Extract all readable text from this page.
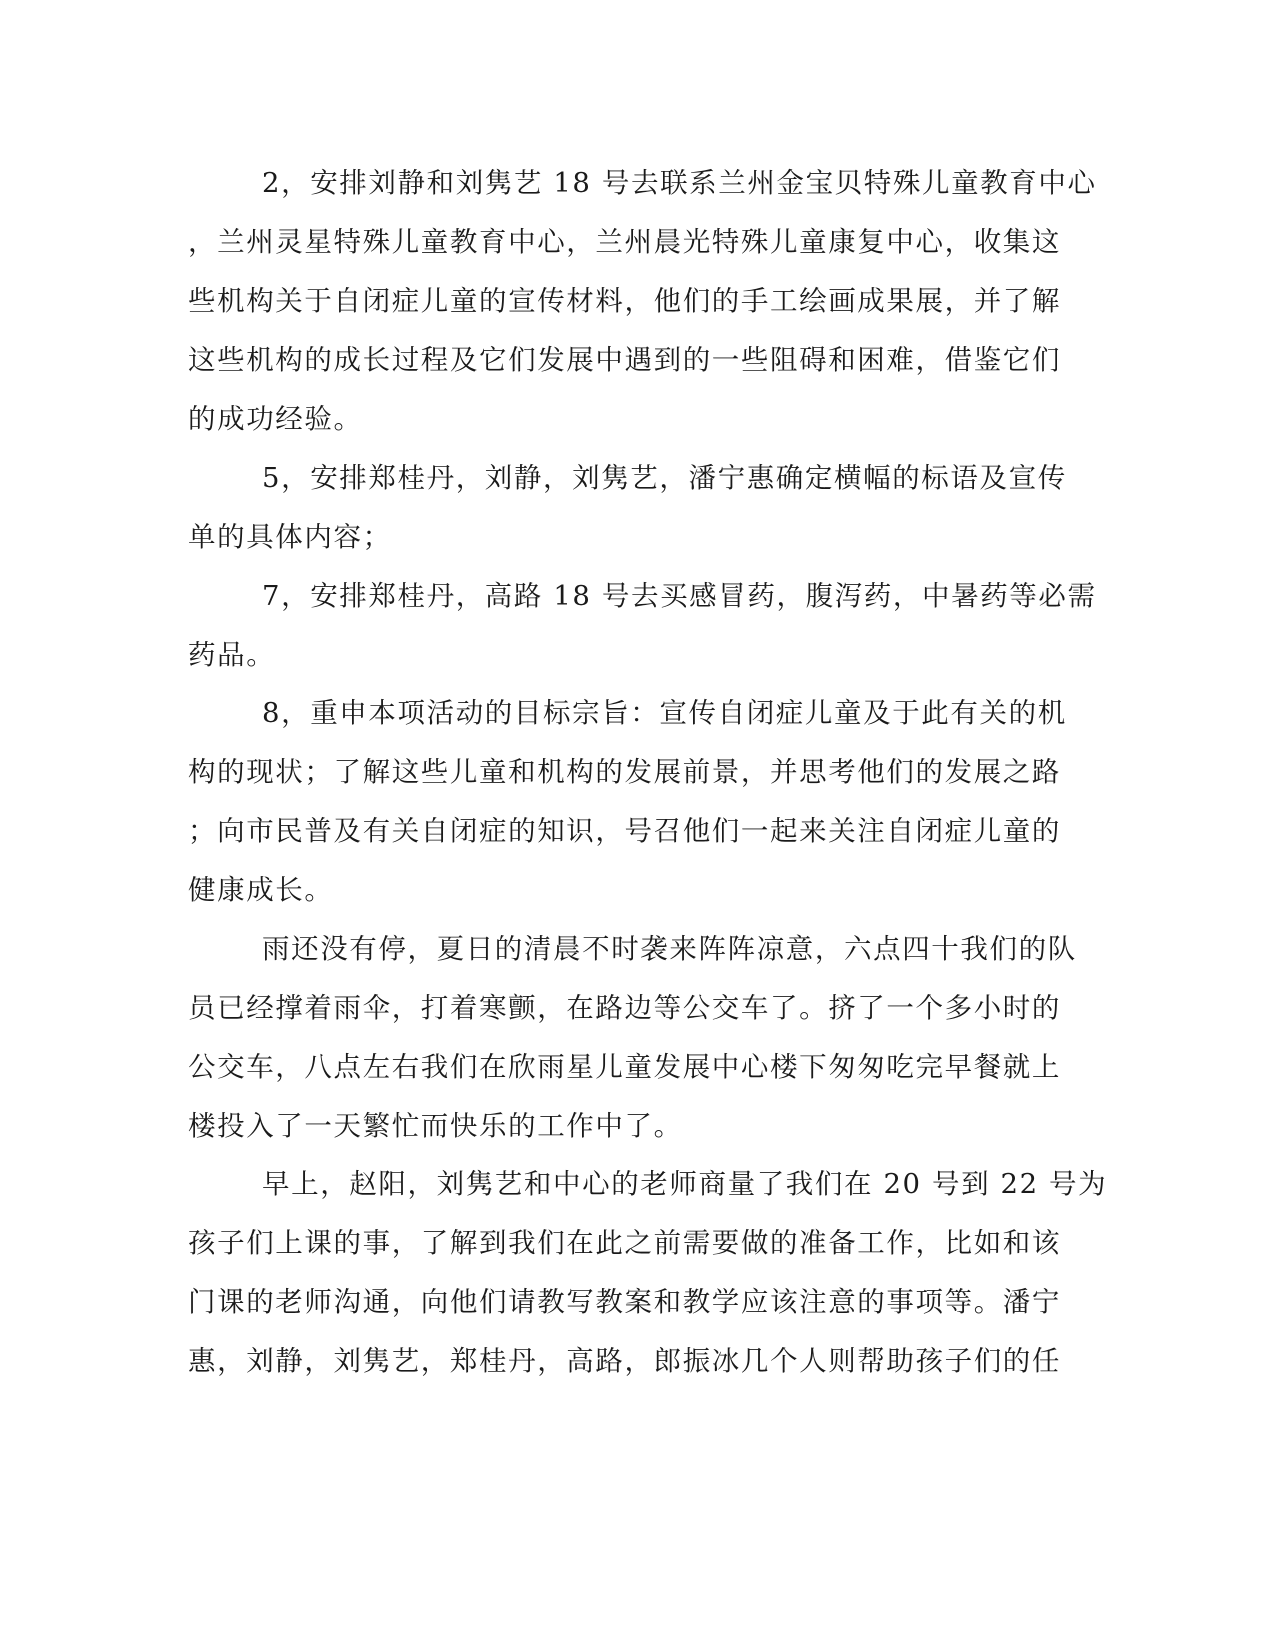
2，安排刘静和刘隽艺 18 号去联系兰州金宝贝特殊儿童教育中心
，兰州灵星特殊儿童教育中心，兰州晨光特殊儿童康复中心，收集这
些机构关于自闭症儿童的宣传材料，他们的手工绘画成果展，并了解
这些机构的成长过程及它们发展中遇到的一些阻碍和困难，借鉴它们
的成功经验。
5，安排郑桂丹，刘静，刘隽艺，潘宁惠确定横幅的标语及宣传
单的具体内容；
7，安排郑桂丹，高路 18 号去买感冒药，腹泻药，中暑药等必需
药品。
8，重申本项活动的目标宗旨：宣传自闭症儿童及于此有关的机
构的现状；了解这些儿童和机构的发展前景，并思考他们的发展之路
；向市民普及有关自闭症的知识，号召他们一起来关注自闭症儿童的
健康成长。
雨还没有停，夏日的清晨不时袭来阵阵凉意，六点四十我们的队
员已经撑着雨伞，打着寒颤，在路边等公交车了。挤了一个多小时的
公交车，八点左右我们在欣雨星儿童发展中心楼下匆匆吃完早餐就上
楼投入了一天繁忙而快乐的工作中了。
早上，赵阳，刘隽艺和中心的老师商量了我们在 20 号到 22 号为
孩子们上课的事，了解到我们在此之前需要做的准备工作，比如和该
门课的老师沟通，向他们请教写教案和教学应该注意的事项等。潘宁
惠，刘静，刘隽艺，郑桂丹，高路，郎振冰几个人则帮助孩子们的任
